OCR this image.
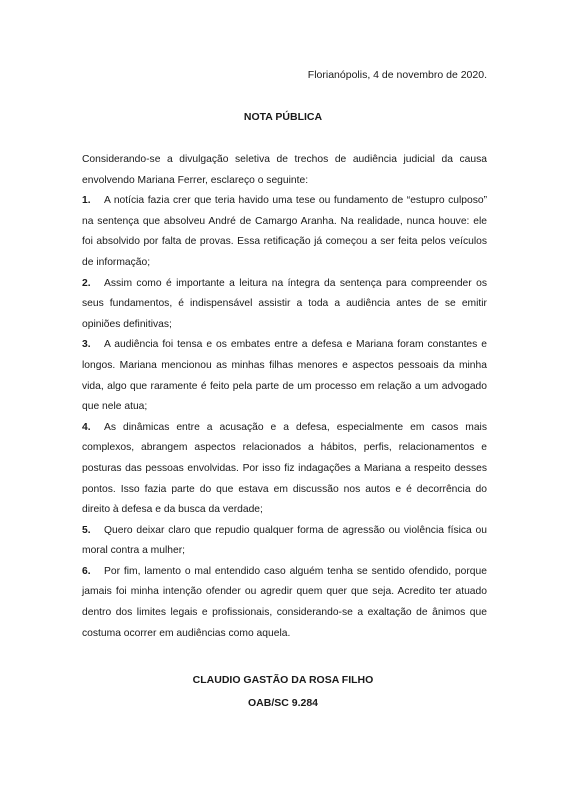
Florianópolis, 4 de novembro de 2020.
NOTA PÚBLICA

Considerando-se a divulgação seletiva de trechos de audiência judicial da causa envolvendo Mariana Ferrer, esclareço o seguinte:

1. A notícia fazia crer que teria havido uma tese ou fundamento de “estupro culposo” na sentença que absolveu André de Camargo Aranha. Na realidade, nunca houve: ele foi absolvido por falta de provas. Essa retificação já começou a ser feita pelos veículos de informação;

2. Assim como é importante a leitura na íntegra da sentença para compreender os seus fundamentos, é indispensável assistir a toda a audiência antes de se emitir opiniões definitivas;

3. A audiência foi tensa e os embates entre a defesa e Mariana foram constantes e longos. Mariana mencionou as minhas filhas menores e aspectos pessoais da minha vida, algo que raramente é feito pela parte de um processo em relação a um advogado que nele atua;

4. As dinâmicas entre a acusação e a defesa, especialmente em casos mais complexos, abrangem aspectos relacionados a hábitos, perfis, relacionamentos e posturas das pessoas envolvidas. Por isso fiz indagações a Mariana a respeito desses pontos. Isso fazia parte do que estava em discussão nos autos e é decorrência do direito à defesa e da busca da verdade;

5. Quero deixar claro que repudio qualquer forma de agressão ou violência física ou moral contra a mulher;

6. Por fim, lamento o mal entendido caso alguém tenha se sentido ofendido, porque jamais foi minha intenção ofender ou agredir quem quer que seja. Acredito ter atuado dentro dos limites legais e profissionais, considerando-se a exaltação de ânimos que costuma ocorrer em audiências como aquela.

CLAUDIO GASTÃO DA ROSA FILHO
OAB/SC 9.284
